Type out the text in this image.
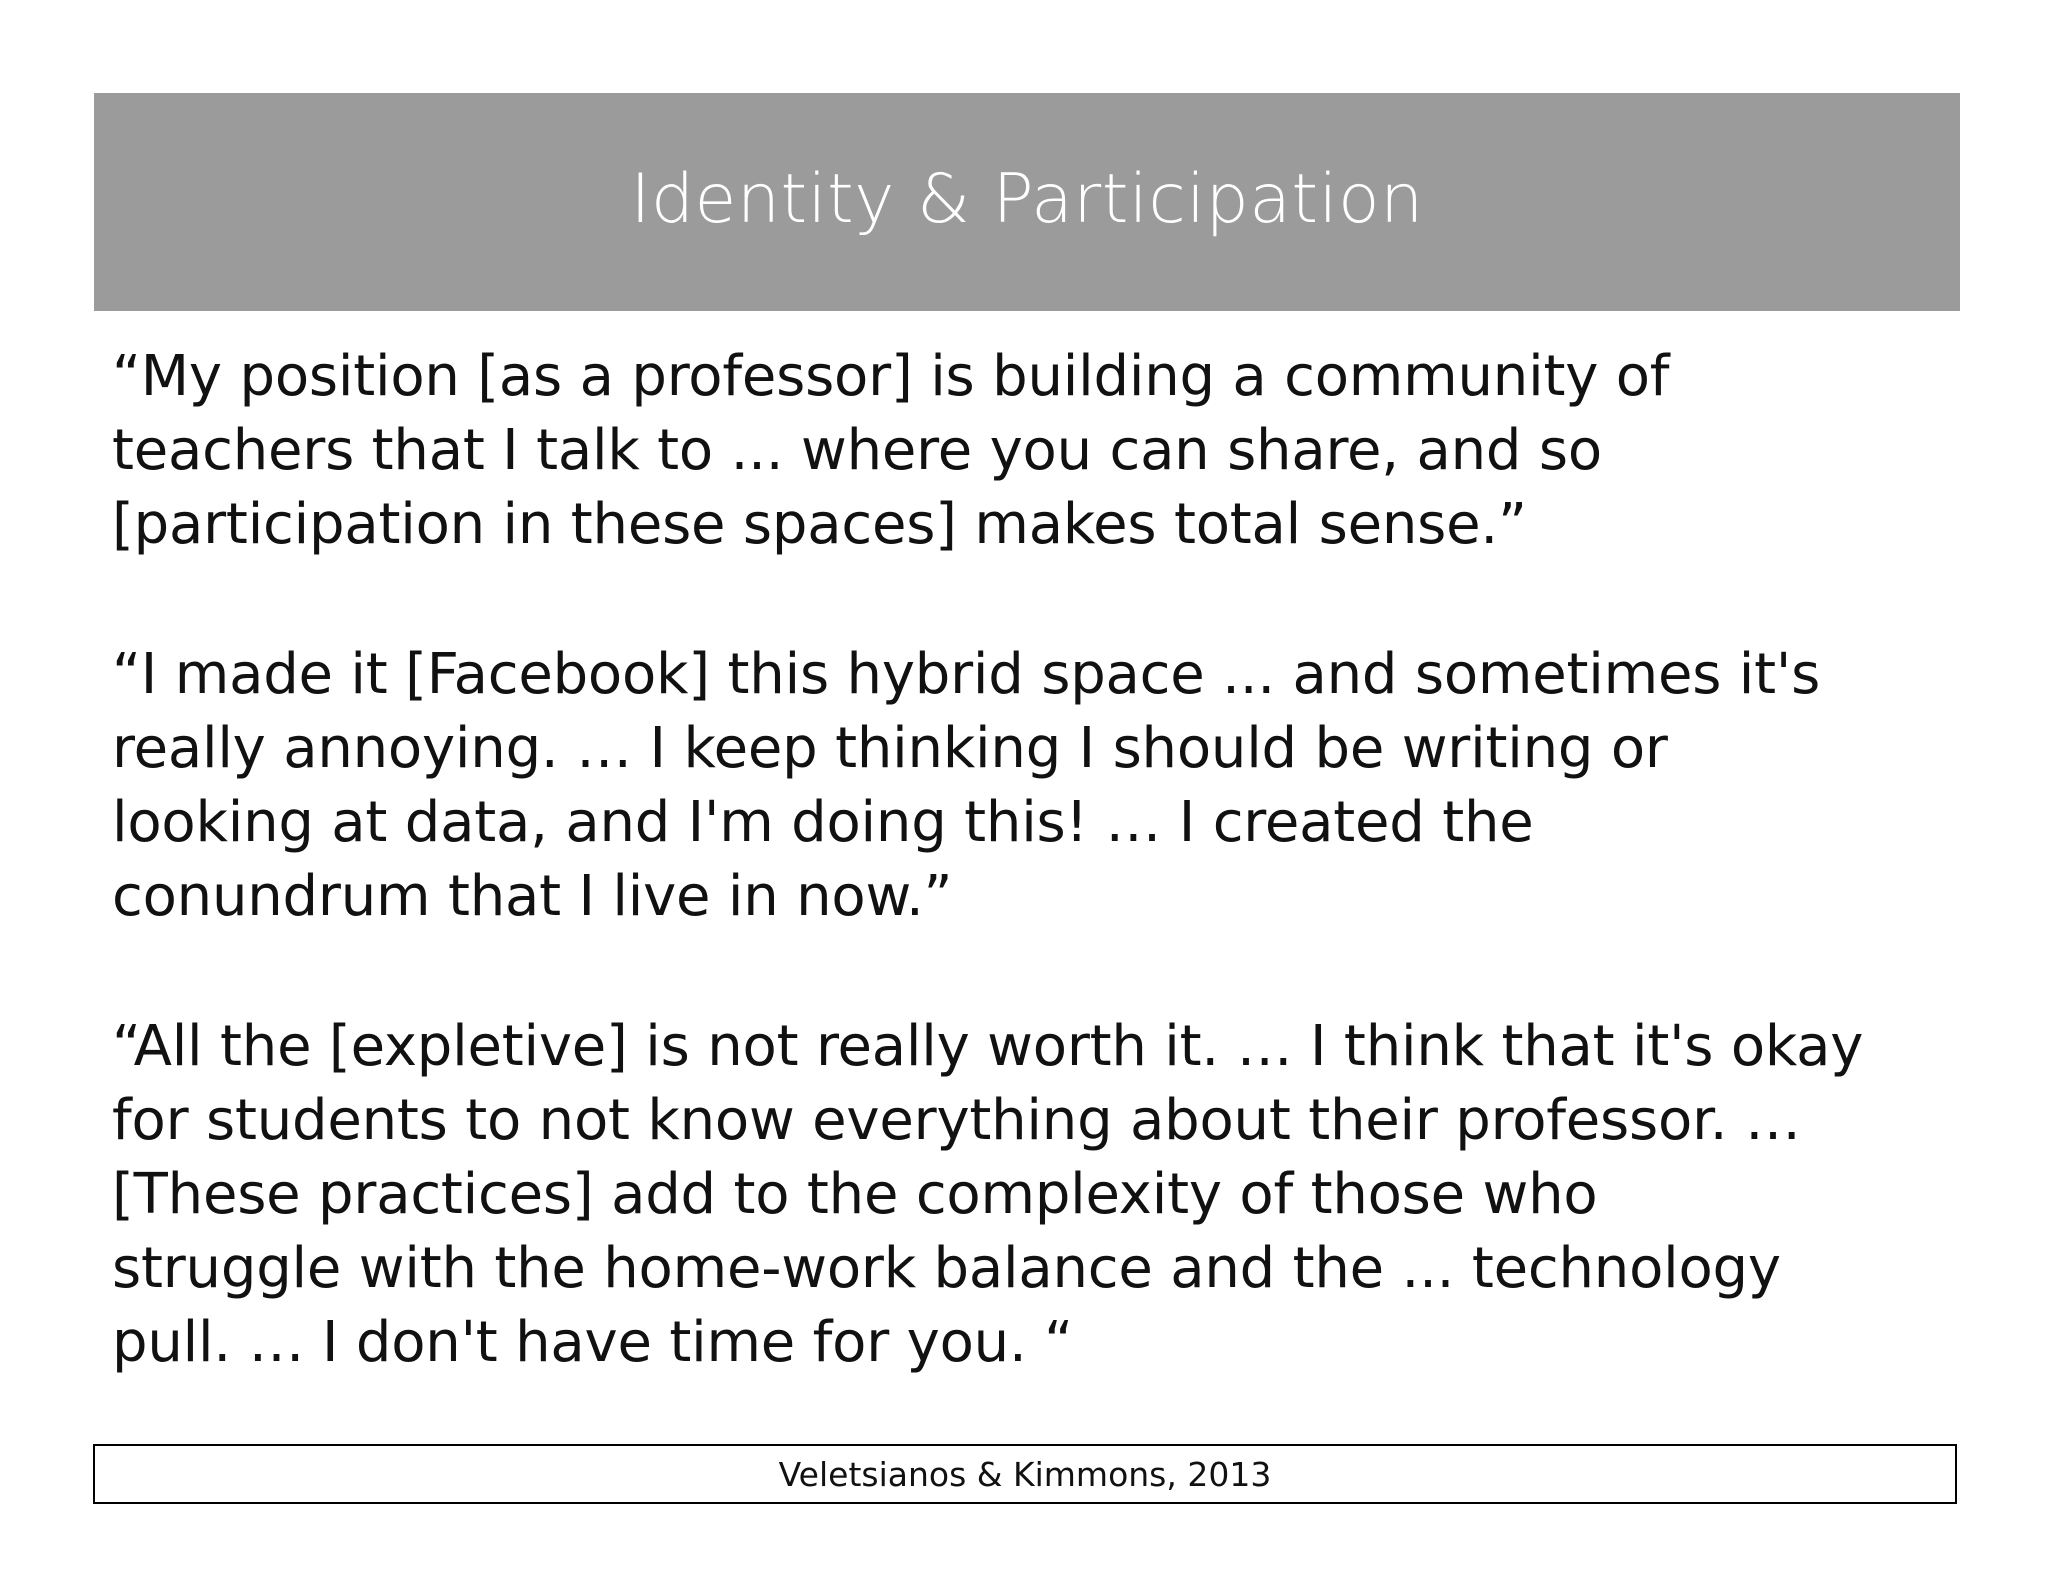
Identity & Participation

“My position [as a professor] is building a community of
teachers that I talk to ... where you can share, and so
[participation in these spaces] makes total sense.”

“I made it [Facebook] this hybrid space ... and sometimes it's
really annoying. … I keep thinking I should be writing or
looking at data, and I'm doing this! … I created the
conundrum that I live in now.”

“All the [expletive] is not really worth it. … I think that it's okay
for students to not know everything about their professor. …
[These practices] add to the complexity of those who
struggle with the home-work balance and the ... technology
pull. … I don't have time for you. “

Veletsianos & Kimmons, 2013
